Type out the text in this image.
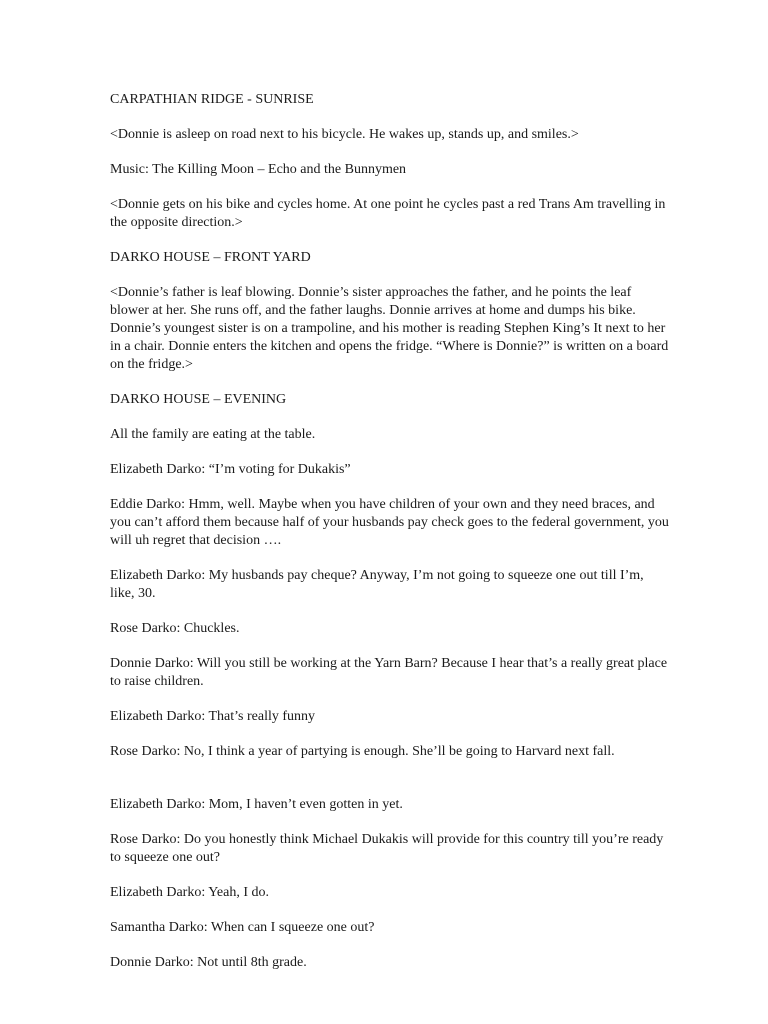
CARPATHIAN RIDGE - SUNRISE

<Donnie is asleep on road next to his bicycle. He wakes up, stands up, and smiles.>

Music: The Killing Moon – Echo and the Bunnymen

<Donnie gets on his bike and cycles home. At one point he cycles past a red Trans Am travelling in the opposite direction.>

DARKO HOUSE – FRONT YARD

<Donnie’s father is leaf blowing. Donnie’s sister approaches the father, and he points the leaf blower at her. She runs off, and the father laughs. Donnie arrives at home and dumps his bike. Donnie’s youngest sister is on a trampoline, and his mother is reading Stephen King’s It next to her in a chair. Donnie enters the kitchen and opens the fridge. “Where is Donnie?” is written on a board on the fridge.>

DARKO HOUSE – EVENING

All the family are eating at the table.

Elizabeth Darko: “I’m voting for Dukakis”

Eddie Darko: Hmm, well. Maybe when you have children of your own and they need braces, and you can’t afford them because half of your husbands pay check goes to the federal government, you will uh regret that decision ….

Elizabeth Darko: My husbands pay cheque? Anyway, I’m not going to squeeze one out till I’m, like, 30.

Rose Darko: Chuckles.

Donnie Darko: Will you still be working at the Yarn Barn? Because I hear that’s a really great place to raise children.

Elizabeth Darko: That’s really funny

Rose Darko: No, I think a year of partying is enough. She’ll be going to Harvard next fall.

Elizabeth Darko: Mom, I haven’t even gotten in yet.

Rose Darko: Do you honestly think Michael Dukakis will provide for this country till you’re ready to squeeze one out?

Elizabeth Darko: Yeah, I do.

Samantha Darko: When can I squeeze one out?

Donnie Darko: Not until 8th grade.
